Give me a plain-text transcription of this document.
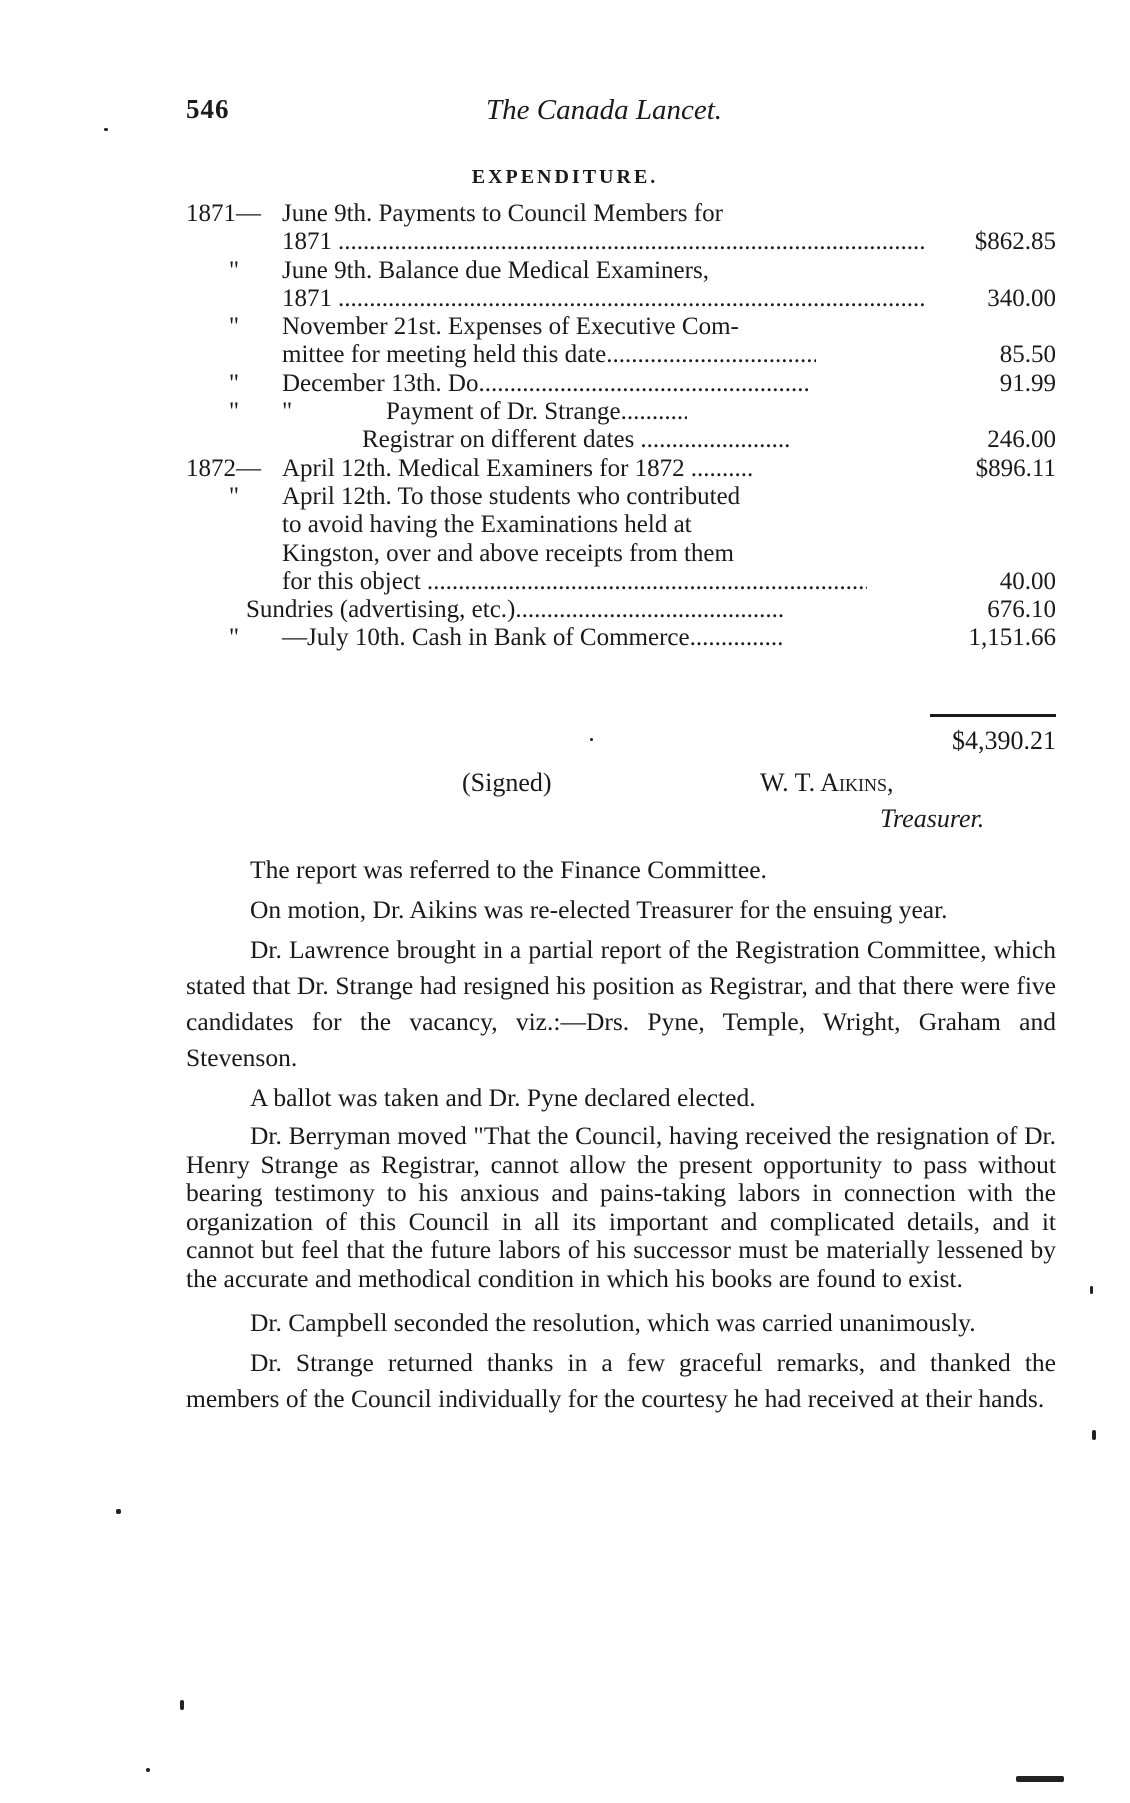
546	The Canada Lancet.
EXPENDITURE.
1871— June 9th. Payments to Council Members for
1871 .....	$862.85
" June 9th. Balance due Medical Examiners,
1871 .....	340.00
" November 21st. Expenses of Executive Com-
mittee for meeting held this date .....	85.50
" December 13th. Do .....	91.99
" "               Payment of Dr. Strange.....
Registrar on different dates .....	246.00
1872— April 12th. Medical Examiners for 1872 .....	$896.11
" April 12th. To those students who contributed
to avoid having the Examinations held at
Kingston, over and above receipts from them
for this object .....	40.00
Sundries (advertising, etc.) .....	676.10
" —July 10th. Cash in Bank of Commerce .....	1,151.66
$4,390.21
(Signed)	W. T. Aikins,
Treasurer.

The report was referred to the Finance Committee.

On motion, Dr. Aikins was re-elected Treasurer for the ensuing year.

Dr. Lawrence brought in a partial report of the Registration Committee, which stated that Dr. Strange had resigned his position as Registrar, and that there were five candidates for the vacancy, viz.:—Drs. Pyne, Temple, Wright, Graham and Stevenson.

A ballot was taken and Dr. Pyne declared elected.

Dr. Berryman moved "That the Council, having received the resignation of Dr. Henry Strange as Registrar, cannot allow the present opportunity to pass without bearing testimony to his anxious and pains-taking labors in connection with the organization of this Council in all its important and complicated details, and it cannot but feel that the future labors of his successor must be materially lessened by the accurate and methodical condition in which his books are found to exist.

Dr. Campbell seconded the resolution, which was carried unanimously.

Dr. Strange returned thanks in a few graceful remarks, and thanked the members of the Council individually for the courtesy he had received at their hands.
